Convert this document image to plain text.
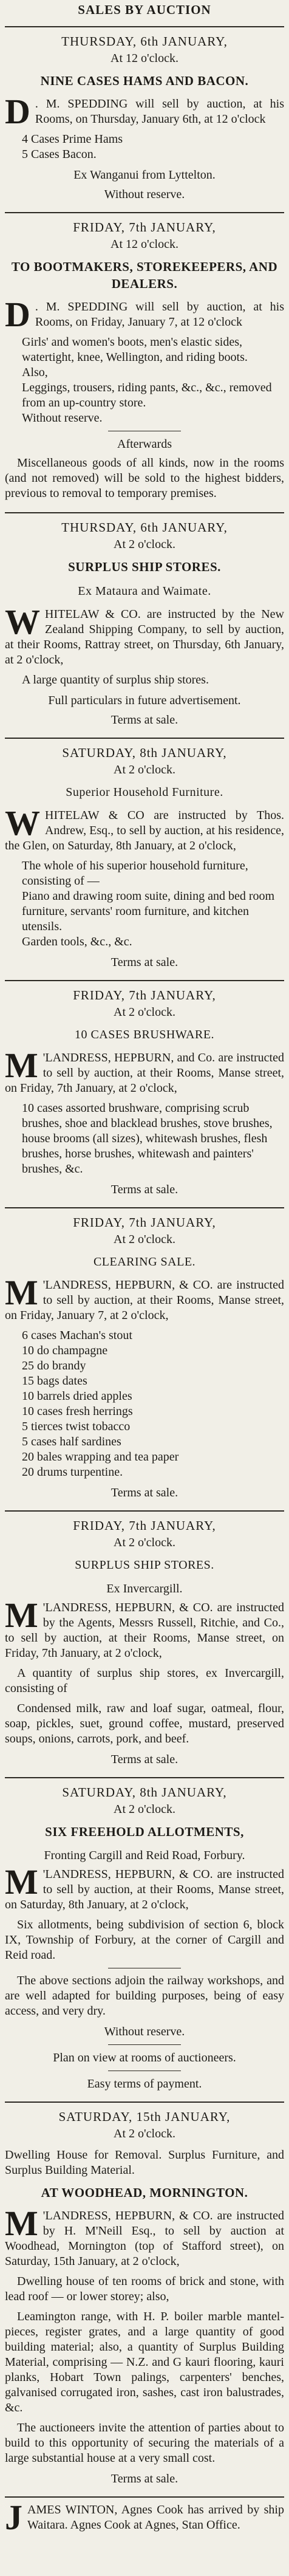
SALES BY AUCTION

THURSDAY, 6th JANUARY,

At 12 o'clock.

NINE CASES HAMS AND BACON.

D . M. SPEDDING will sell by auction, at his Rooms, on Thursday, January 6th, at 12 o'clock

4 Cases Prime Hams
5 Cases Bacon.

Ex Wanganui from Lyttelton.

Without reserve.

FRIDAY, 7th JANUARY,

At 12 o'clock.

TO BOOTMAKERS, STOREKEEPERS, AND DEALERS.

D . M. SPEDDING will sell by auction, at his Rooms, on Friday, January 7, at 12 o'clock

Girls' and women's boots, men's elastic sides, watertight, knee, Wellington, and riding boots.
Also,
Leggings, trousers, riding pants, &c., &c., removed from an up-country store.
Without reserve.

Afterwards

Miscellaneous goods of all kinds, now in the rooms (and not removed) will be sold to the highest bidders, previous to removal to temporary premises.

THURSDAY, 6th JANUARY,

At 2 o'clock.

SURPLUS SHIP STORES.

Ex Mataura and Waimate.

WHITELAW & CO. are instructed by the New Zealand Shipping Company, to sell by auction, at their Rooms, Rattray street, on Thursday, 6th January, at 2 o'clock,

A large quantity of surplus ship stores.

Full particulars in future advertisement.

Terms at sale.

SATURDAY, 8th JANUARY,

At 2 o'clock.

Superior Household Furniture.

WHITELAW & CO are instructed by Thos. Andrew, Esq., to sell by auction, at his residence, the Glen, on Saturday, 8th January, at 2 o'clock,

The whole of his superior household furniture, consisting of —
Piano and drawing room suite, dining and bed room furniture, servants' room furniture, and kitchen utensils.
Garden tools, &c., &c.

Terms at sale.

FRIDAY, 7th JANUARY,

At 2 o'clock.

10 CASES BRUSHWARE.

M 'LANDRESS, HEPBURN, and Co. are instructed to sell by auction, at their Rooms, Manse street, on Friday, 7th January, at 2 o'clock,

10 cases assorted brushware, comprising scrub brushes, shoe and blacklead brushes, stove brushes, house brooms (all sizes), whitewash brushes, flesh brushes, horse brushes, whitewash and painters' brushes, &c.

Terms at sale.

FRIDAY, 7th JANUARY,

At 2 o'clock.

CLEARING SALE.

M 'LANDRESS, HEPBURN, & CO. are instructed to sell by auction, at their Rooms, Manse street, on Friday, January 7, at 2 o'clock,

6 cases Machan's stout
10 do champagne
25 do brandy
15 bags dates
10 barrels dried apples
10 cases fresh herrings
5 tierces twist tobacco
5 cases half sardines
20 bales wrapping and tea paper
20 drums turpentine.

Terms at sale.

FRIDAY, 7th JANUARY,

At 2 o'clock.

SURPLUS SHIP STORES.

Ex Invercargill.

M 'LANDRESS, HEPBURN, & CO. are instructed by the Agents, Messrs Russell, Ritchie, and Co., to sell by auction, at their Rooms, Manse street, on Friday, 7th January, at 2 o'clock,

A quantity of surplus ship stores, ex Invercargill, consisting of

Condensed milk, raw and loaf sugar, oatmeal, flour, soap, pickles, suet, ground coffee, mustard, preserved soups, onions, carrots, pork, and beef.

Terms at sale.

SATURDAY, 8th JANUARY,

At 2 o'clock.

SIX FREEHOLD ALLOTMENTS,

Fronting Cargill and Reid Road, Forbury.

M 'LANDRESS, HEPBURN, & CO. are instructed to sell by auction, at their Rooms, Manse street, on Saturday, 8th January, at 2 o'clock,

Six allotments, being subdivision of section 6, block IX, Township of Forbury, at the corner of Cargill and Reid road.

The above sections adjoin the railway workshops, and are well adapted for building purposes, being of easy access, and very dry.

Without reserve.

Plan on view at rooms of auctioneers.

Easy terms of payment.

SATURDAY, 15th JANUARY,

At 2 o'clock.

Dwelling House for Removal. Surplus Furniture, and Surplus Building Material.

AT WOODHEAD, MORNINGTON.

M 'LANDRESS, HEPBURN, & CO. are instructed by H. M'Neill Esq., to sell by auction at Woodhead, Mornington (top of Stafford street), on Saturday, 15th January, at 2 o'clock,

Dwelling house of ten rooms of brick and stone, with lead roof — or lower storey; also,

Leamington range, with H. P. boiler marble mantel-pieces, register grates, and a large quantity of good building material; also, a quantity of Surplus Building Material, comprising — N.Z. and G kauri flooring, kauri planks, Hobart Town palings, carpenters' benches, galvanised corrugated iron, sashes, cast iron balustrades, &c.

The auctioneers invite the attention of parties about to build to this opportunity of securing the materials of a large substantial house at a very small cost.

Terms at sale.

JAMES WINTON, Agnes Cook has arrived by ship Waitara. Agnes Cook at Agnes, Stan Office.
